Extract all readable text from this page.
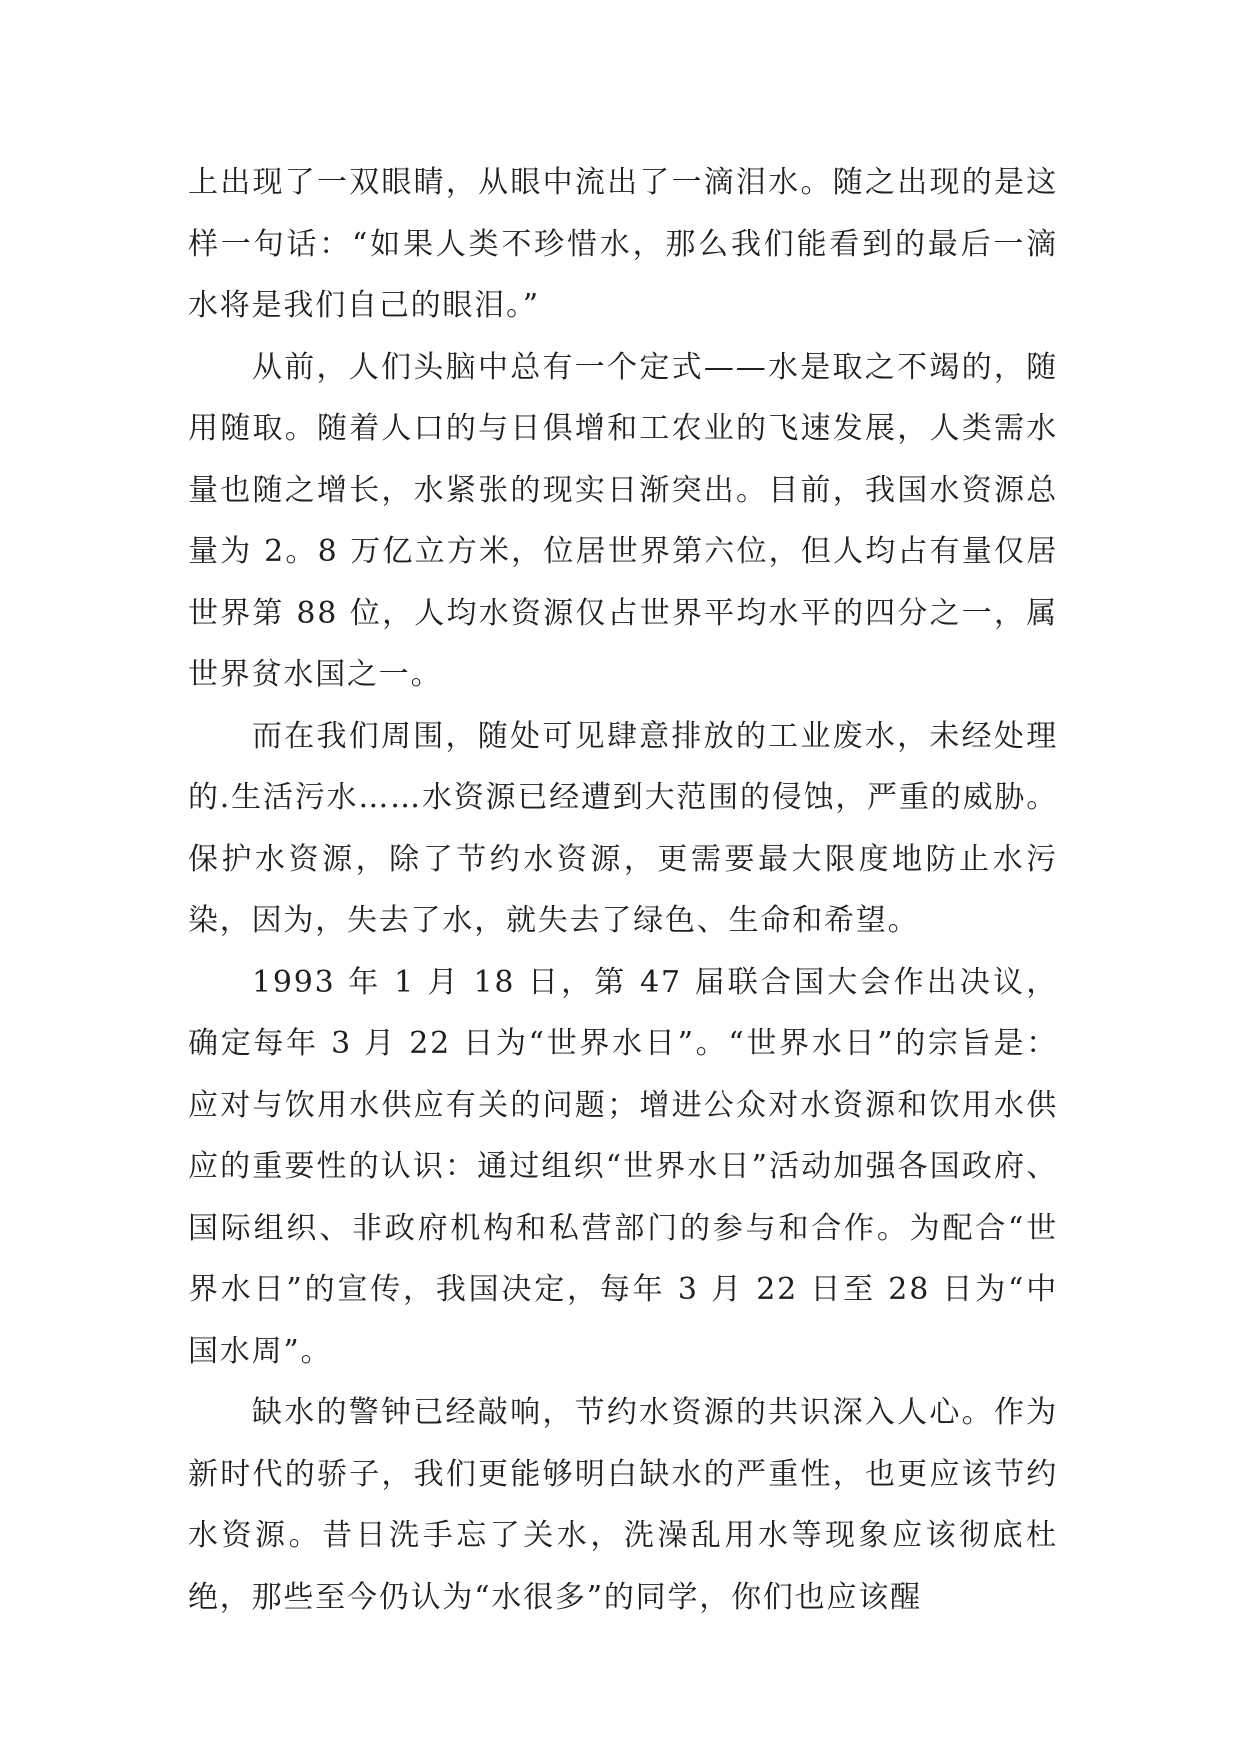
上出现了一双眼睛，从眼中流出了一滴泪水。随之出现的是这样一句话：“如果人类不珍惜水，那么我们能看到的最后一滴水将是我们自己的眼泪。”

从前，人们头脑中总有一个定式——水是取之不竭的，随用随取。随着人口的与日俱增和工农业的飞速发展，人类需水量也随之增长，水紧张的现实日渐突出。目前，我国水资源总量为 2。8 万亿立方米，位居世界第六位，但人均占有量仅居世界第 88 位，人均水资源仅占世界平均水平的四分之一，属世界贫水国之一。

而在我们周围，随处可见肆意排放的工业废水，未经处理的.生活污水……水资源已经遭到大范围的侵蚀，严重的威胁。保护水资源，除了节约水资源，更需要最大限度地防止水污染，因为，失去了水，就失去了绿色、生命和希望。

1993 年 1 月 18 日，第 47 届联合国大会作出决议，确定每年 3 月 22 日为“世界水日”。“世界水日”的宗旨是：应对与饮用水供应有关的问题；增进公众对水资源和饮用水供应的重要性的认识：通过组织“世界水日”活动加强各国政府、国际组织、非政府机构和私营部门的参与和合作。为配合“世界水日”的宣传，我国决定，每年 3 月 22 日至 28 日为“中国水周”。

缺水的警钟已经敲响，节约水资源的共识深入人心。作为新时代的骄子，我们更能够明白缺水的严重性，也更应该节约水资源。昔日洗手忘了关水，洗澡乱用水等现象应该彻底杜绝，那些至今仍认为“水很多”的同学，你们也应该醒
